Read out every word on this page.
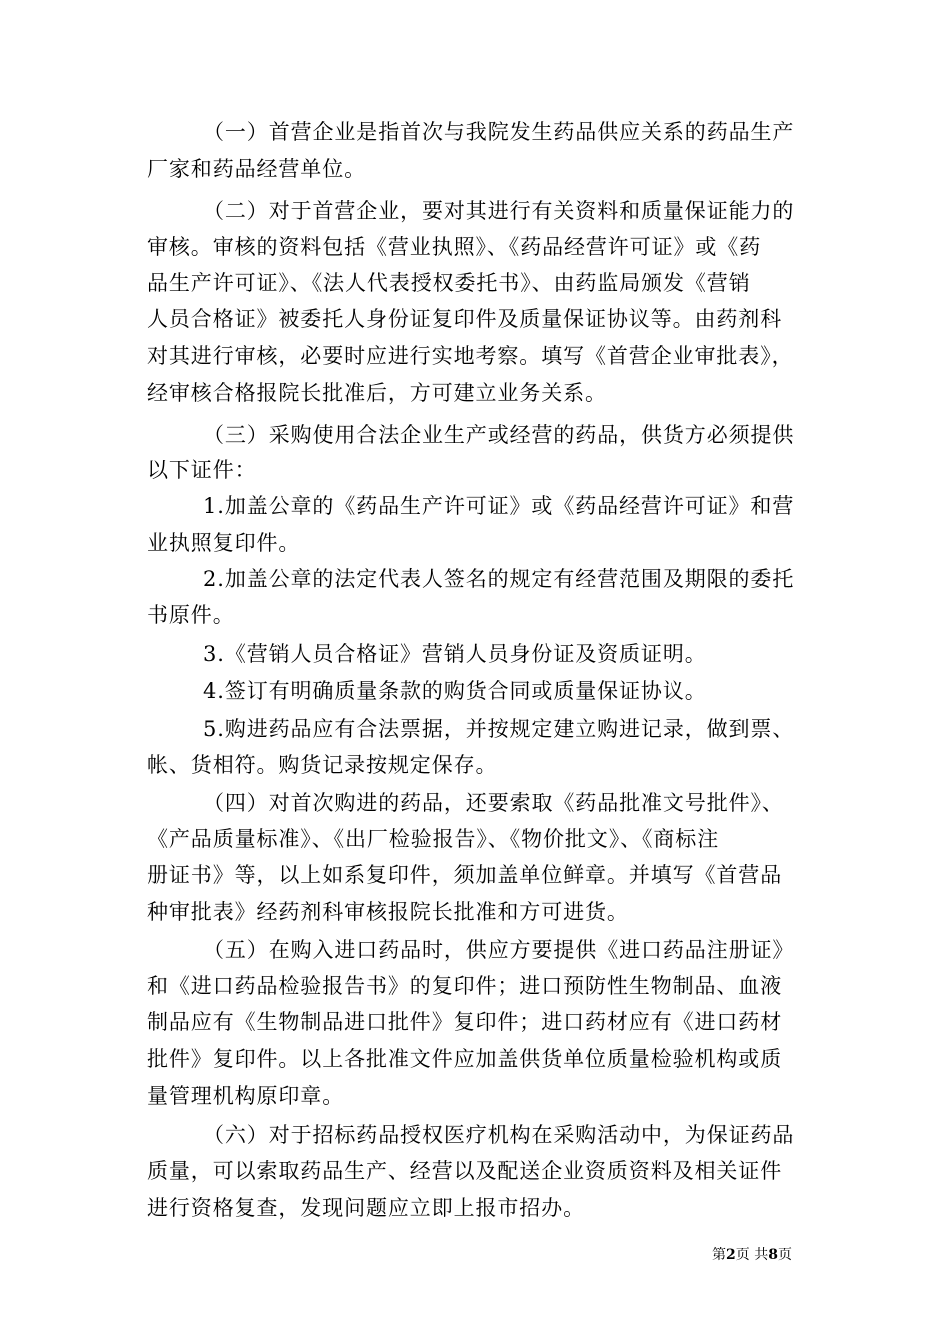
（一）首营企业是指首次与我院发生药品供应关系的药品生产

厂家和药品经营单位。

（二）对于首营企业，要对其进行有关资料和质量保证能力的

审核。审核的资料包括《营业执照》、《药品经营许可证》或《药

品生产许可证》、《法人代表授权委托书》、由药监局颁发《营销

人员合格证》被委托人身份证复印件及质量保证协议等。由药剂科

对其进行审核，必要时应进行实地考察。填写《首营企业审批表》，

经审核合格报院长批准后，方可建立业务关系。

（三）采购使用合法企业生产或经营的药品，供货方必须提供

以下证件：

1.加盖公章的《药品生产许可证》或《药品经营许可证》和营

业执照复印件。

2.加盖公章的法定代表人签名的规定有经营范围及期限的委托

书原件。

3.《营销人员合格证》营销人员身份证及资质证明。

4.签订有明确质量条款的购货合同或质量保证协议。

5.购进药品应有合法票据，并按规定建立购进记录，做到票、

帐、货相符。购货记录按规定保存。

（四）对首次购进的药品，还要索取《药品批准文号批件》、

《产品质量标准》、《出厂检验报告》、《物价批文》、《商标注

册证书》等，以上如系复印件，须加盖单位鲜章。并填写《首营品

种审批表》经药剂科审核报院长批准和方可进货。

（五）在购入进口药品时，供应方要提供《进口药品注册证》

和《进口药品检验报告书》的复印件；进口预防性生物制品、血液

制品应有《生物制品进口批件》复印件；进口药材应有《进口药材

批件》复印件。以上各批准文件应加盖供货单位质量检验机构或质

量管理机构原印章。

（六）对于招标药品授权医疗机构在采购活动中，为保证药品

质量，可以索取药品生产、经营以及配送企业资质资料及相关证件

进行资格复查，发现问题应立即上报市招办。

第2页 共8页
